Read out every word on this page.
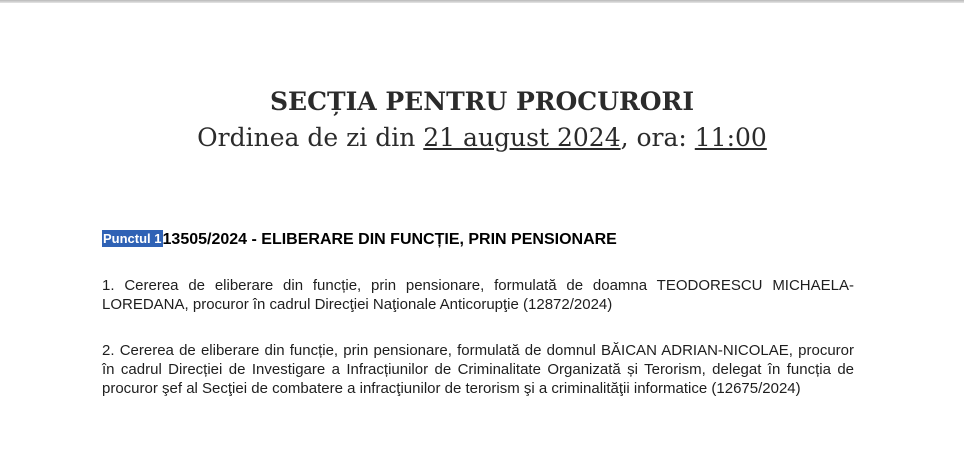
SECȚIA PENTRU PROCURORI
Ordinea de zi din 21 august 2024, ora: 11:00
Punctul 113505/2024 - ELIBERARE DIN FUNCȚIE, PRIN PENSIONARE
1. Cererea de eliberare din funcție, prin pensionare, formulată de doamna TEODORESCU MICHAELA-LOREDANA, procuror în cadrul Direcţiei Naţionale Anticorupţie (12872/2024)
2. Cererea de eliberare din funcție, prin pensionare, formulată de domnul BĂICAN ADRIAN-NICOLAE, procuror în cadrul Direcției de Investigare a Infracțiunilor de Criminalitate Organizată și Terorism, delegat în funcția de procuror şef al Secţiei de combatere a infracţiunilor de terorism şi a criminalităţii informatice (12675/2024)
